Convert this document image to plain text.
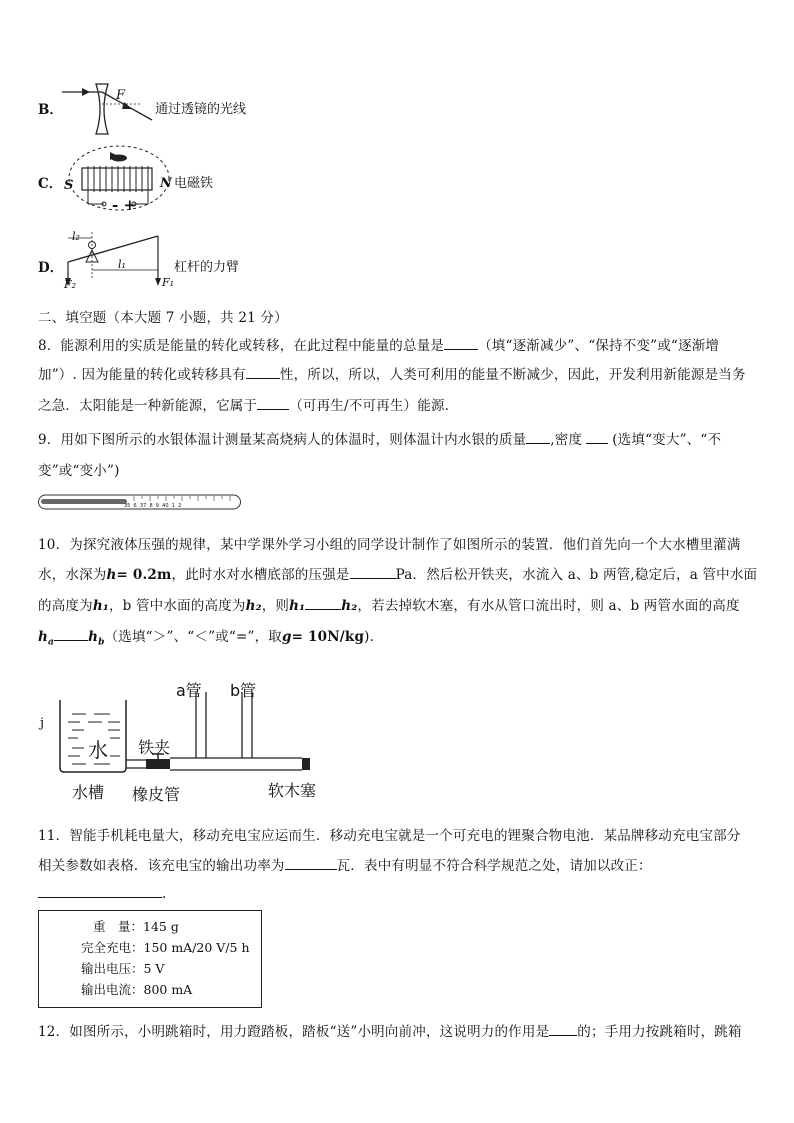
B．
F
通过透镜的光线
C． S	N
- +
电磁铁
D．
l₂
l₁
F₂	F₁
杠杆的力臂
二、填空题（本大题 7 小题，共 21 分）
8．能源利用的实质是能量的转化或转移，在此过程中能量的总量是	（填“逐渐减少”、“保持不变”或“逐渐增
加”）. 因为能量的转化或转移具有	性，所以，所以，人类可利用的能量不断减少，因此，开发利用新能源是当务
之急．太阳能是一种新能源，它属于 （可再生/不可再生）能源.
9．用如下图所示的水银体温计测量某高烧病人的体温时，则体温计内水银的质量 ,密度 (选填“变大”、“不
变”或“变小”)
35  6  37  8  9  40  1  2
10．为探究液体压强的规律，某中学课外学习小组的同学设计制作了如图所示的装置．他们首先向一个大水槽里灌满
水，水深为h= 0.2m，此时水对水槽底部的压强是	Pa．然后松开铁夹，水流入 a、b 两管,稳定后，a 管中水面
的高度为h₁，b 管中水面的高度为h₂，则h₁	h₂，若去掉软木塞，有水从管口流出时，则 a、b 两管水面的高度
$h_a$	$h_b$（选填“＞”、“＜”或“=”，取g= 10N/kg).
a管 b管
水 铁夹
水槽 橡皮管	软木塞
j
11．智能手机耗电量大，移动充电宝应运而生．移动充电宝就是一个可充电的锂聚合物电池．某品牌移动充电宝部分
相关参数如表格．该充电宝的输出功率为	瓦．表中有明显不符合科学规范之处，请加以改正：
.
重　量：145 g
完全充电：150 mA/20 V/5 h
输出电压：5 V
输出电流：800 mA
12．如图所示，小明跳箱时，用力蹬踏板，踏板“送”小明向前冲，这说明力的作用是 的；手用力按跳箱时，跳箱
